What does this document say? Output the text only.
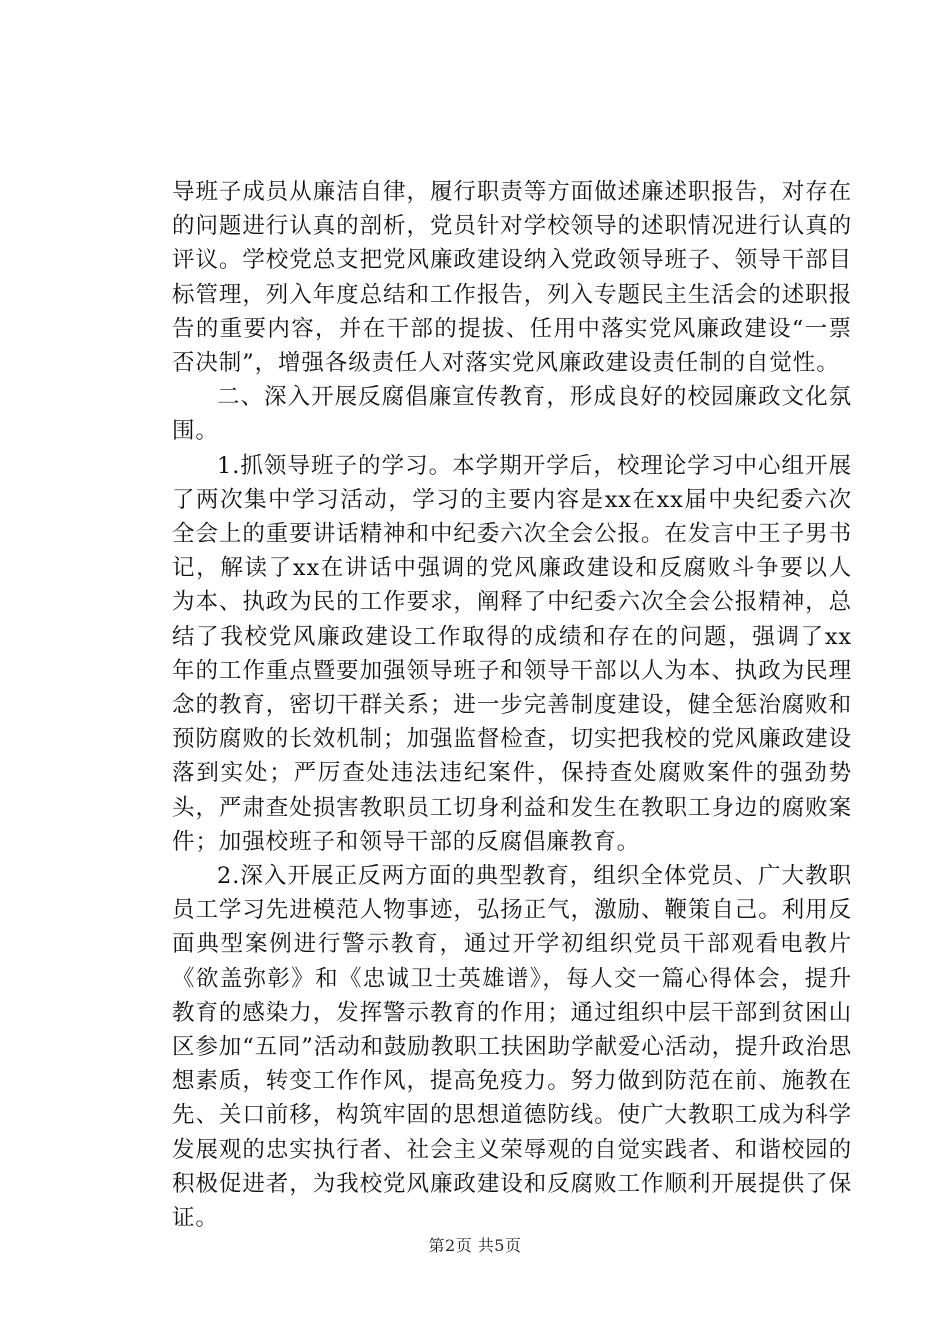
导班子成员从廉洁自律，履行职责等方面做述廉述职报告，对存在的问题进行认真的剖析，党员针对学校领导的述职情况进行认真的评议。学校党总支把党风廉政建设纳入党政领导班子、领导干部目标管理，列入年度总结和工作报告，列入专题民主生活会的述职报告的重要内容，并在干部的提拔、任用中落实党风廉政建设“一票否决制”，增强各级责任人对落实党风廉政建设责任制的自觉性。

二、深入开展反腐倡廉宣传教育，形成良好的校园廉政文化氛围。

1.抓领导班子的学习。本学期开学后，校理论学习中心组开展了两次集中学习活动，学习的主要内容是xx在xx届中央纪委六次全会上的重要讲话精神和中纪委六次全会公报。在发言中王子男书记，解读了xx在讲话中强调的党风廉政建设和反腐败斗争要以人为本、执政为民的工作要求，阐释了中纪委六次全会公报精神，总结了我校党风廉政建设工作取得的成绩和存在的问题，强调了xx年的工作重点暨要加强领导班子和领导干部以人为本、执政为民理念的教育，密切干群关系；进一步完善制度建设，健全惩治腐败和预防腐败的长效机制；加强监督检查，切实把我校的党风廉政建设落到实处；严厉查处违法违纪案件，保持查处腐败案件的强劲势头，严肃查处损害教职员工切身利益和发生在教职工身边的腐败案件；加强校班子和领导干部的反腐倡廉教育。

2.深入开展正反两方面的典型教育，组织全体党员、广大教职员工学习先进模范人物事迹，弘扬正气，激励、鞭策自己。利用反面典型案例进行警示教育，通过开学初组织党员干部观看电教片《欲盖弥彰》和《忠诚卫士英雄谱》，每人交一篇心得体会，提升教育的感染力，发挥警示教育的作用；通过组织中层干部到贫困山区参加“五同”活动和鼓励教职工扶困助学献爱心活动，提升政治思想素质，转变工作作风，提高免疫力。努力做到防范在前、施教在先、关口前移，构筑牢固的思想道德防线。使广大教职工成为科学发展观的忠实执行者、社会主义荣辱观的自觉实践者、和谐校园的积极促进者，为我校党风廉政建设和反腐败工作顺利开展提供了保证。

第2页 共5页
